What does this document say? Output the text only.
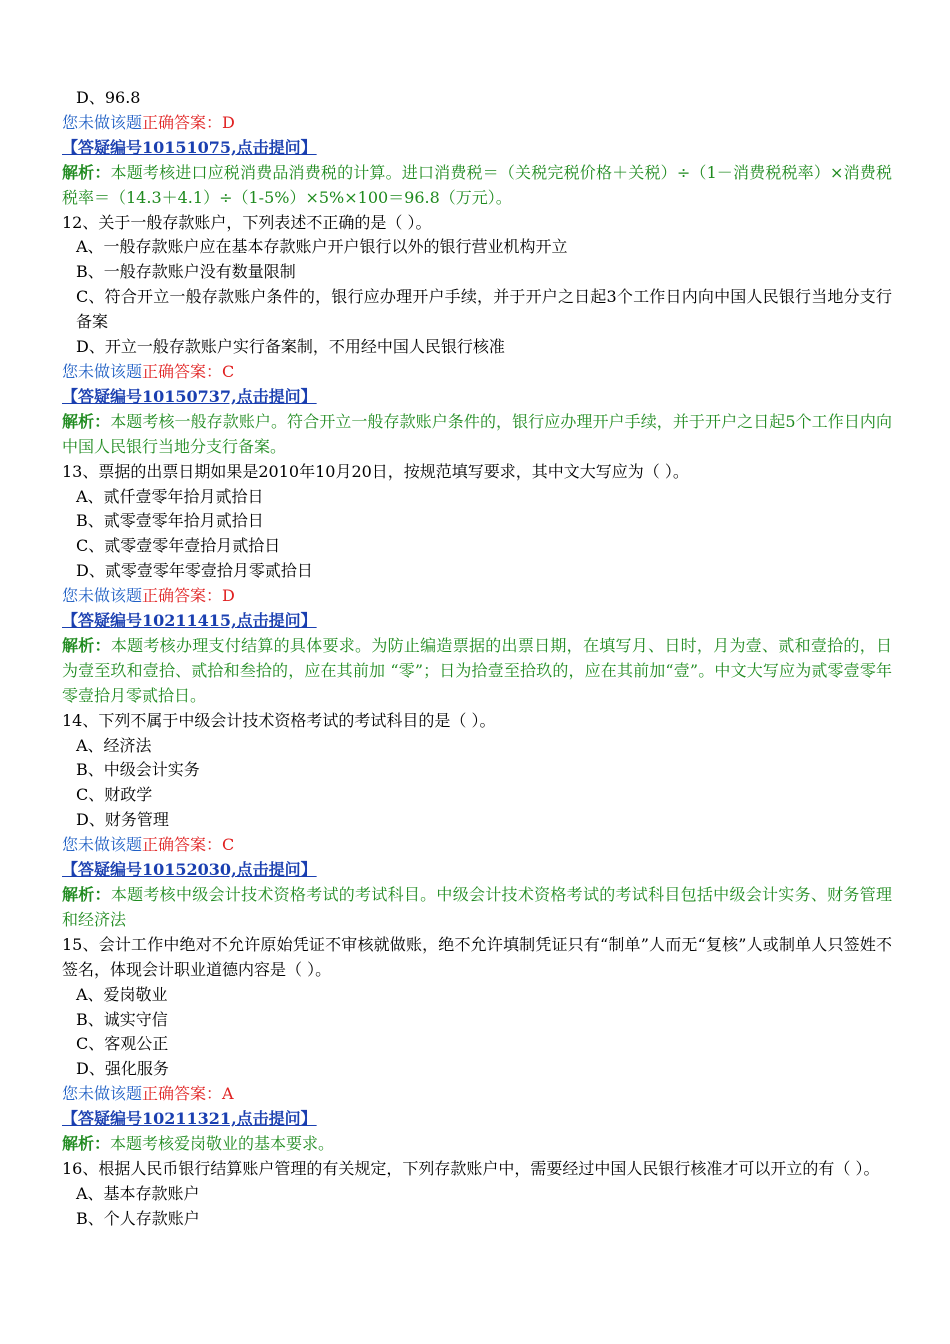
D、96.8
您未做该题正确答案：D
【答疑编号10151075,点击提问】
解析：本题考核进口应税消费品消费税的计算。进口消费税＝（关税完税价格＋关税）÷（1－消费税税率）×消费税税率＝（14.3＋4.1）÷（1-5%）×5%×100＝96.8（万元）。
12、关于一般存款账户，下列表述不正确的是（ ）。
A、一般存款账户应在基本存款账户开户银行以外的银行营业机构开立
B、一般存款账户没有数量限制
C、符合开立一般存款账户条件的，银行应办理开户手续，并于开户之日起3个工作日内向中国人民银行当地分支行备案
D、开立一般存款账户实行备案制，不用经中国人民银行核准
您未做该题正确答案：C
【答疑编号10150737,点击提问】
解析：本题考核一般存款账户。符合开立一般存款账户条件的，银行应办理开户手续，并于开户之日起5个工作日内向中国人民银行当地分支行备案。
13、票据的出票日期如果是2010年10月20日，按规范填写要求，其中文大写应为（ ）。
A、贰仟壹零年拾月贰拾日
B、贰零壹零年拾月贰拾日
C、贰零壹零年壹拾月贰拾日
D、贰零壹零年零壹拾月零贰拾日
您未做该题正确答案：D
【答疑编号10211415,点击提问】
解析：本题考核办理支付结算的具体要求。为防止编造票据的出票日期，在填写月、日时，月为壹、贰和壹拾的，日为壹至玖和壹拾、贰拾和叁拾的，应在其前加 “零”；日为拾壹至拾玖的，应在其前加“壹”。中文大写应为贰零壹零年零壹拾月零贰拾日。
14、下列不属于中级会计技术资格考试的考试科目的是（ ）。
A、经济法
B、中级会计实务
C、财政学
D、财务管理
您未做该题正确答案：C
【答疑编号10152030,点击提问】
解析：本题考核中级会计技术资格考试的考试科目。中级会计技术资格考试的考试科目包括中级会计实务、财务管理和经济法
15、会计工作中绝对不允许原始凭证不审核就做账，绝不允许填制凭证只有“制单”人而无“复核”人或制单人只签姓不签名，体现会计职业道德内容是（ ）。
A、爱岗敬业
B、诚实守信
C、客观公正
D、强化服务
您未做该题正确答案：A
【答疑编号10211321,点击提问】
解析：本题考核爱岗敬业的基本要求。
16、根据人民币银行结算账户管理的有关规定，下列存款账户中，需要经过中国人民银行核准才可以开立的有（ ）。
A、基本存款账户
B、个人存款账户
